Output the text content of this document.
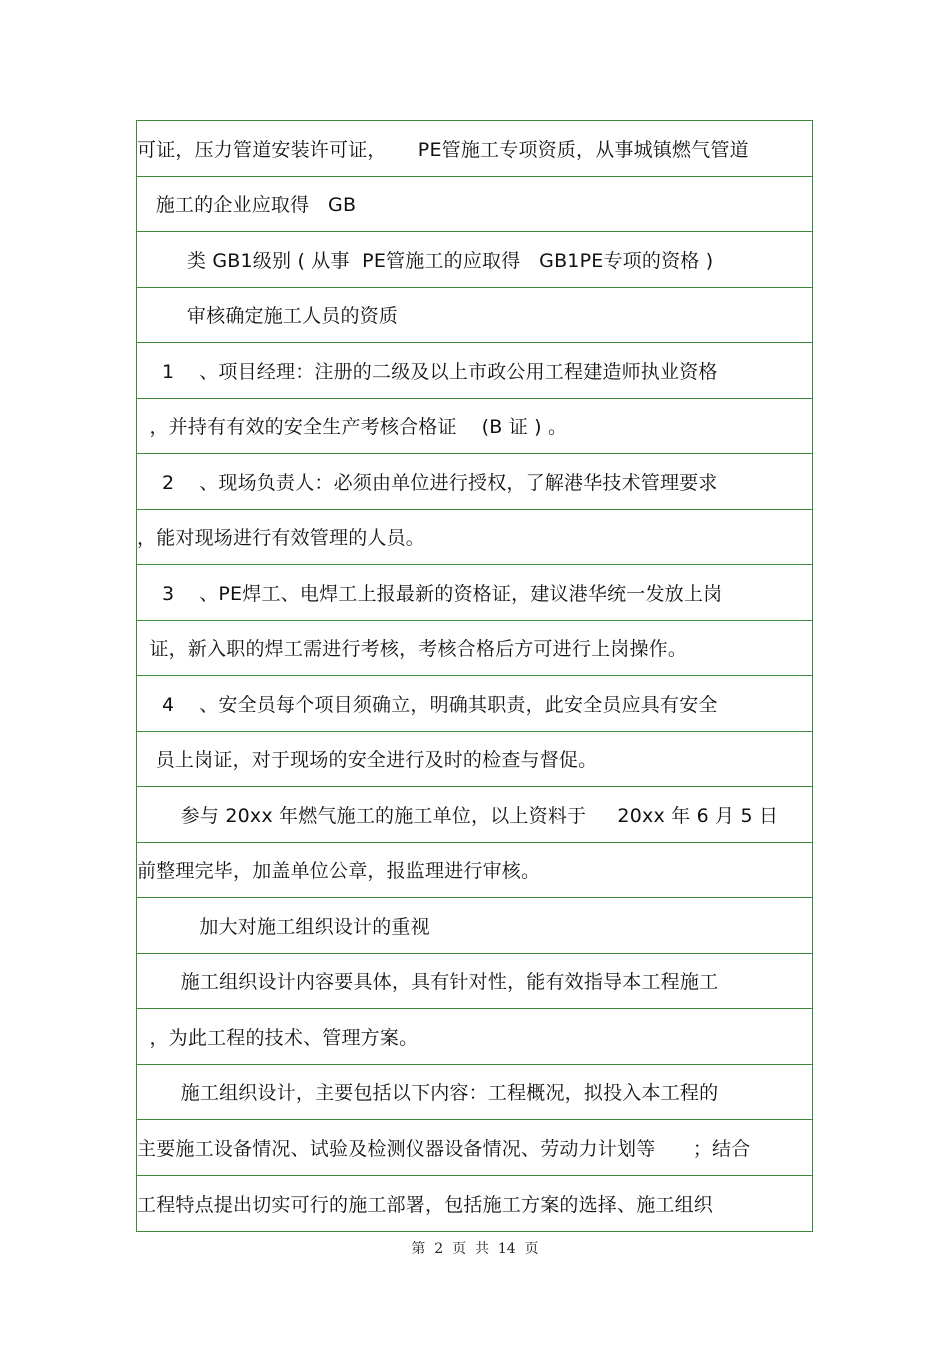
可证，压力管道安装许可证，     PE管施工专项资质，从事城镇燃气管道
施工的企业应取得   GB
类 GB1级别 ( 从事  PE管施工的应取得   GB1PE专项的资格 )
审核确定施工人员的资质
1    、项目经理：注册的二级及以上市政公用工程建造师执业资格
，并持有有效的安全生产考核合格证    (B 证 ) 。
2    、现场负责人：必须由单位进行授权，了解港华技术管理要求
，能对现场进行有效管理的人员。
3    、PE焊工、电焊工上报最新的资格证，建议港华统一发放上岗
证，新入职的焊工需进行考核，考核合格后方可进行上岗操作。
4    、安全员每个项目须确立，明确其职责，此安全员应具有安全
员上岗证，对于现场的安全进行及时的检查与督促。
参与 20xx 年燃气施工的施工单位，以上资料于     20xx 年 6 月 5 日
前整理完毕，加盖单位公章，报监理进行审核。
加大对施工组织设计的重视
施工组织设计内容要具体，具有针对性，能有效指导本工程施工
，为此工程的技术、管理方案。
施工组织设计，主要包括以下内容：工程概况，拟投入本工程的
主要施工设备情况、试验及检测仪器设备情况、劳动力计划等      ；结合
工程特点提出切实可行的施工部署，包括施工方案的选择、施工组织
第  2  页  共  14  页
